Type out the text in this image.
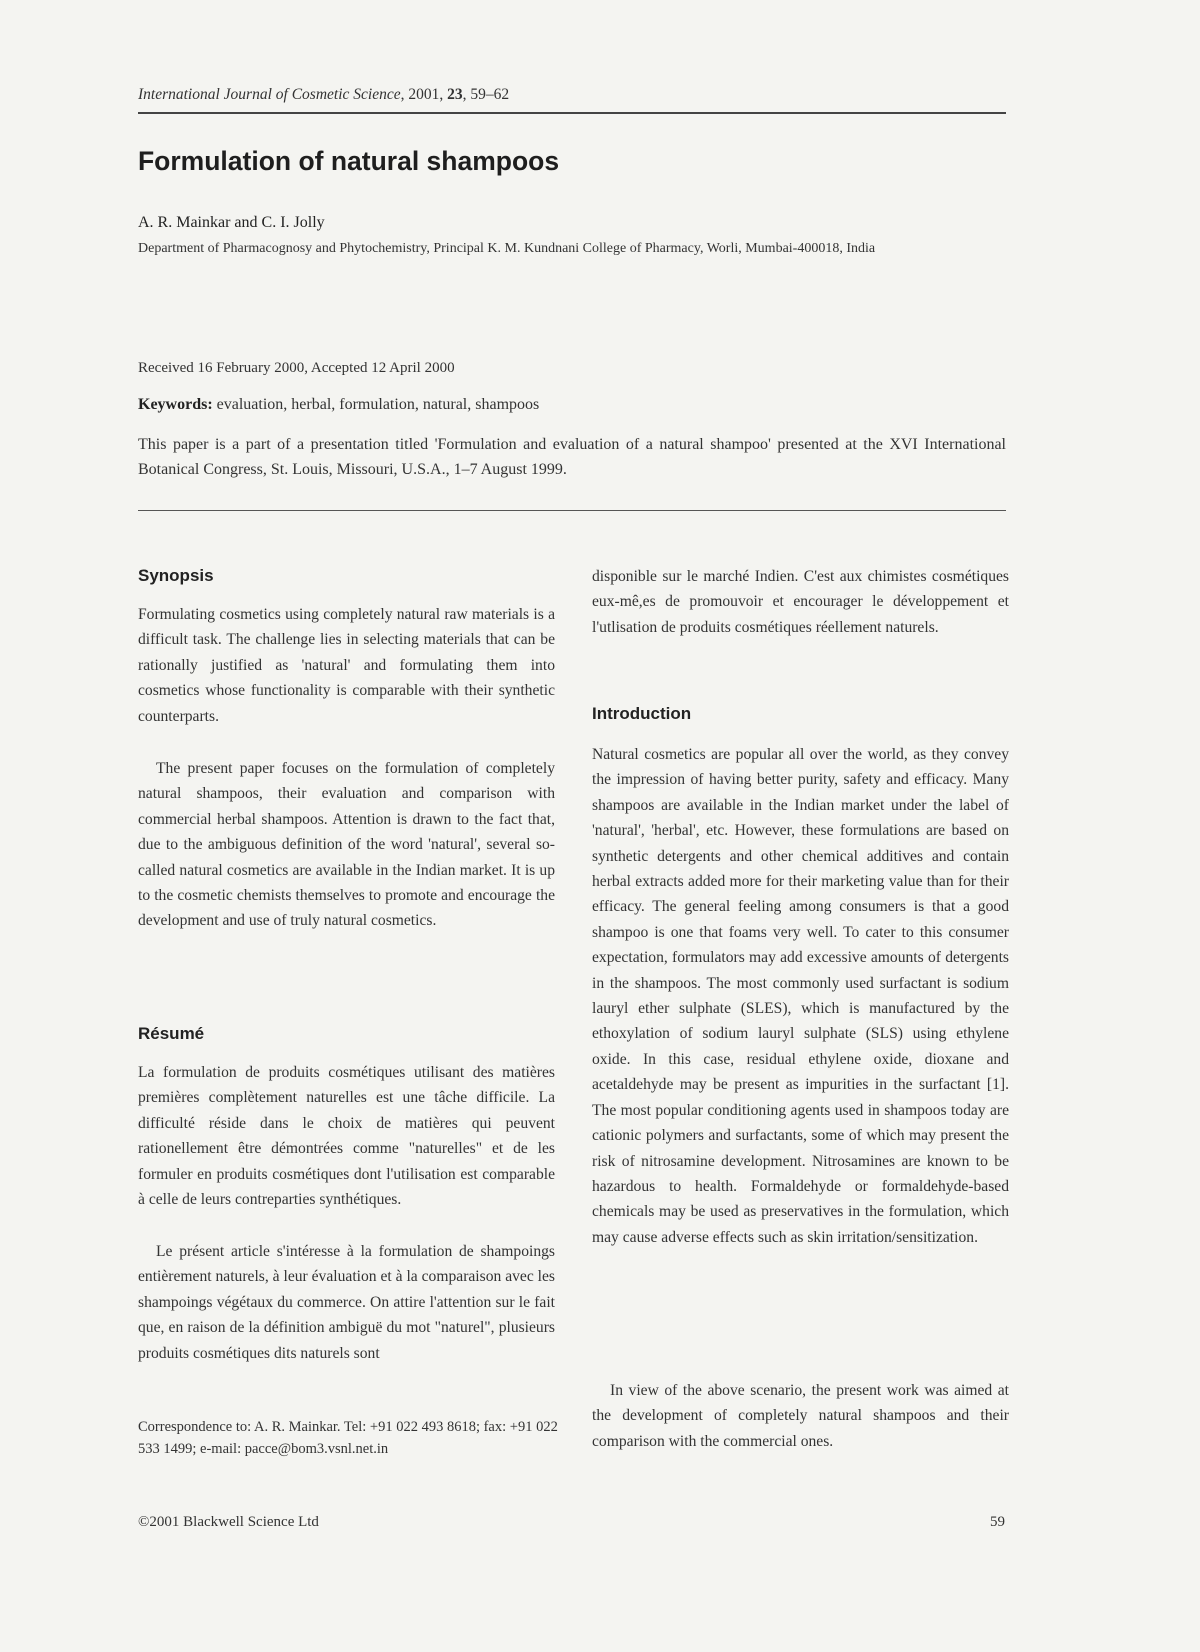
International Journal of Cosmetic Science, 2001, 23, 59–62
Formulation of natural shampoos
A. R. Mainkar and C. I. Jolly
Department of Pharmacognosy and Phytochemistry, Principal K. M. Kundnani College of Pharmacy, Worli, Mumbai-400018, India
Received 16 February 2000, Accepted 12 April 2000
Keywords: evaluation, herbal, formulation, natural, shampoos
This paper is a part of a presentation titled 'Formulation and evaluation of a natural shampoo' presented at the XVI International Botanical Congress, St. Louis, Missouri, U.S.A., 1–7 August 1999.
Synopsis

Formulating cosmetics using completely natural raw materials is a difficult task. The challenge lies in selecting materials that can be rationally justified as 'natural' and formulating them into cosmetics whose functionality is comparable with their synthetic counterparts.

The present paper focuses on the formulation of completely natural shampoos, their evaluation and comparison with commercial herbal shampoos. Attention is drawn to the fact that, due to the ambiguous definition of the word 'natural', several so-called natural cosmetics are available in the Indian market. It is up to the cosmetic chemists themselves to promote and encourage the development and use of truly natural cosmetics.

Résumé

La formulation de produits cosmétiques utilisant des matières premières complètement naturelles est une tâche difficile. La difficulté réside dans le choix de matières qui peuvent rationellement être démontrées comme "naturelles" et de les formuler en produits cosmétiques dont l'utilisation est comparable à celle de leurs contreparties synthétiques.

Le présent article s'intéresse à la formulation de shampoings entièrement naturels, à leur évaluation et à la comparaison avec les shampoings végétaux du commerce. On attire l'attention sur le fait que, en raison de la définition ambiguë du mot "naturel", plusieurs produits cosmétiques dits naturels sont

Correspondence to: A. R. Mainkar. Tel: +91 022 493 8618; fax: +91 022 533 1499; e-mail: pacce@bom3.vsnl.net.in

disponible sur le marché Indien. C'est aux chimistes cosmétiques eux-mê,es de promouvoir et encourager le développement et l'utlisation de produits cosmétiques réellement naturels.

Introduction

Natural cosmetics are popular all over the world, as they convey the impression of having better purity, safety and efficacy. Many shampoos are available in the Indian market under the label of 'natural', 'herbal', etc. However, these formulations are based on synthetic detergents and other chemical additives and contain herbal extracts added more for their marketing value than for their efficacy. The general feeling among consumers is that a good shampoo is one that foams very well. To cater to this consumer expectation, formulators may add excessive amounts of detergents in the shampoos. The most commonly used surfactant is sodium lauryl ether sulphate (SLES), which is manufactured by the ethoxylation of sodium lauryl sulphate (SLS) using ethylene oxide. In this case, residual ethylene oxide, dioxane and acetaldehyde may be present as impurities in the surfactant [1]. The most popular conditioning agents used in shampoos today are cationic polymers and surfactants, some of which may present the risk of nitrosamine development. Nitrosamines are known to be hazardous to health. Formaldehyde or formaldehyde-based chemicals may be used as preservatives in the formulation, which may cause adverse effects such as skin irritation/sensitization.

In view of the above scenario, the present work was aimed at the development of completely natural shampoos and their comparison with the commercial ones.

©2001 Blackwell Science Ltd	59
